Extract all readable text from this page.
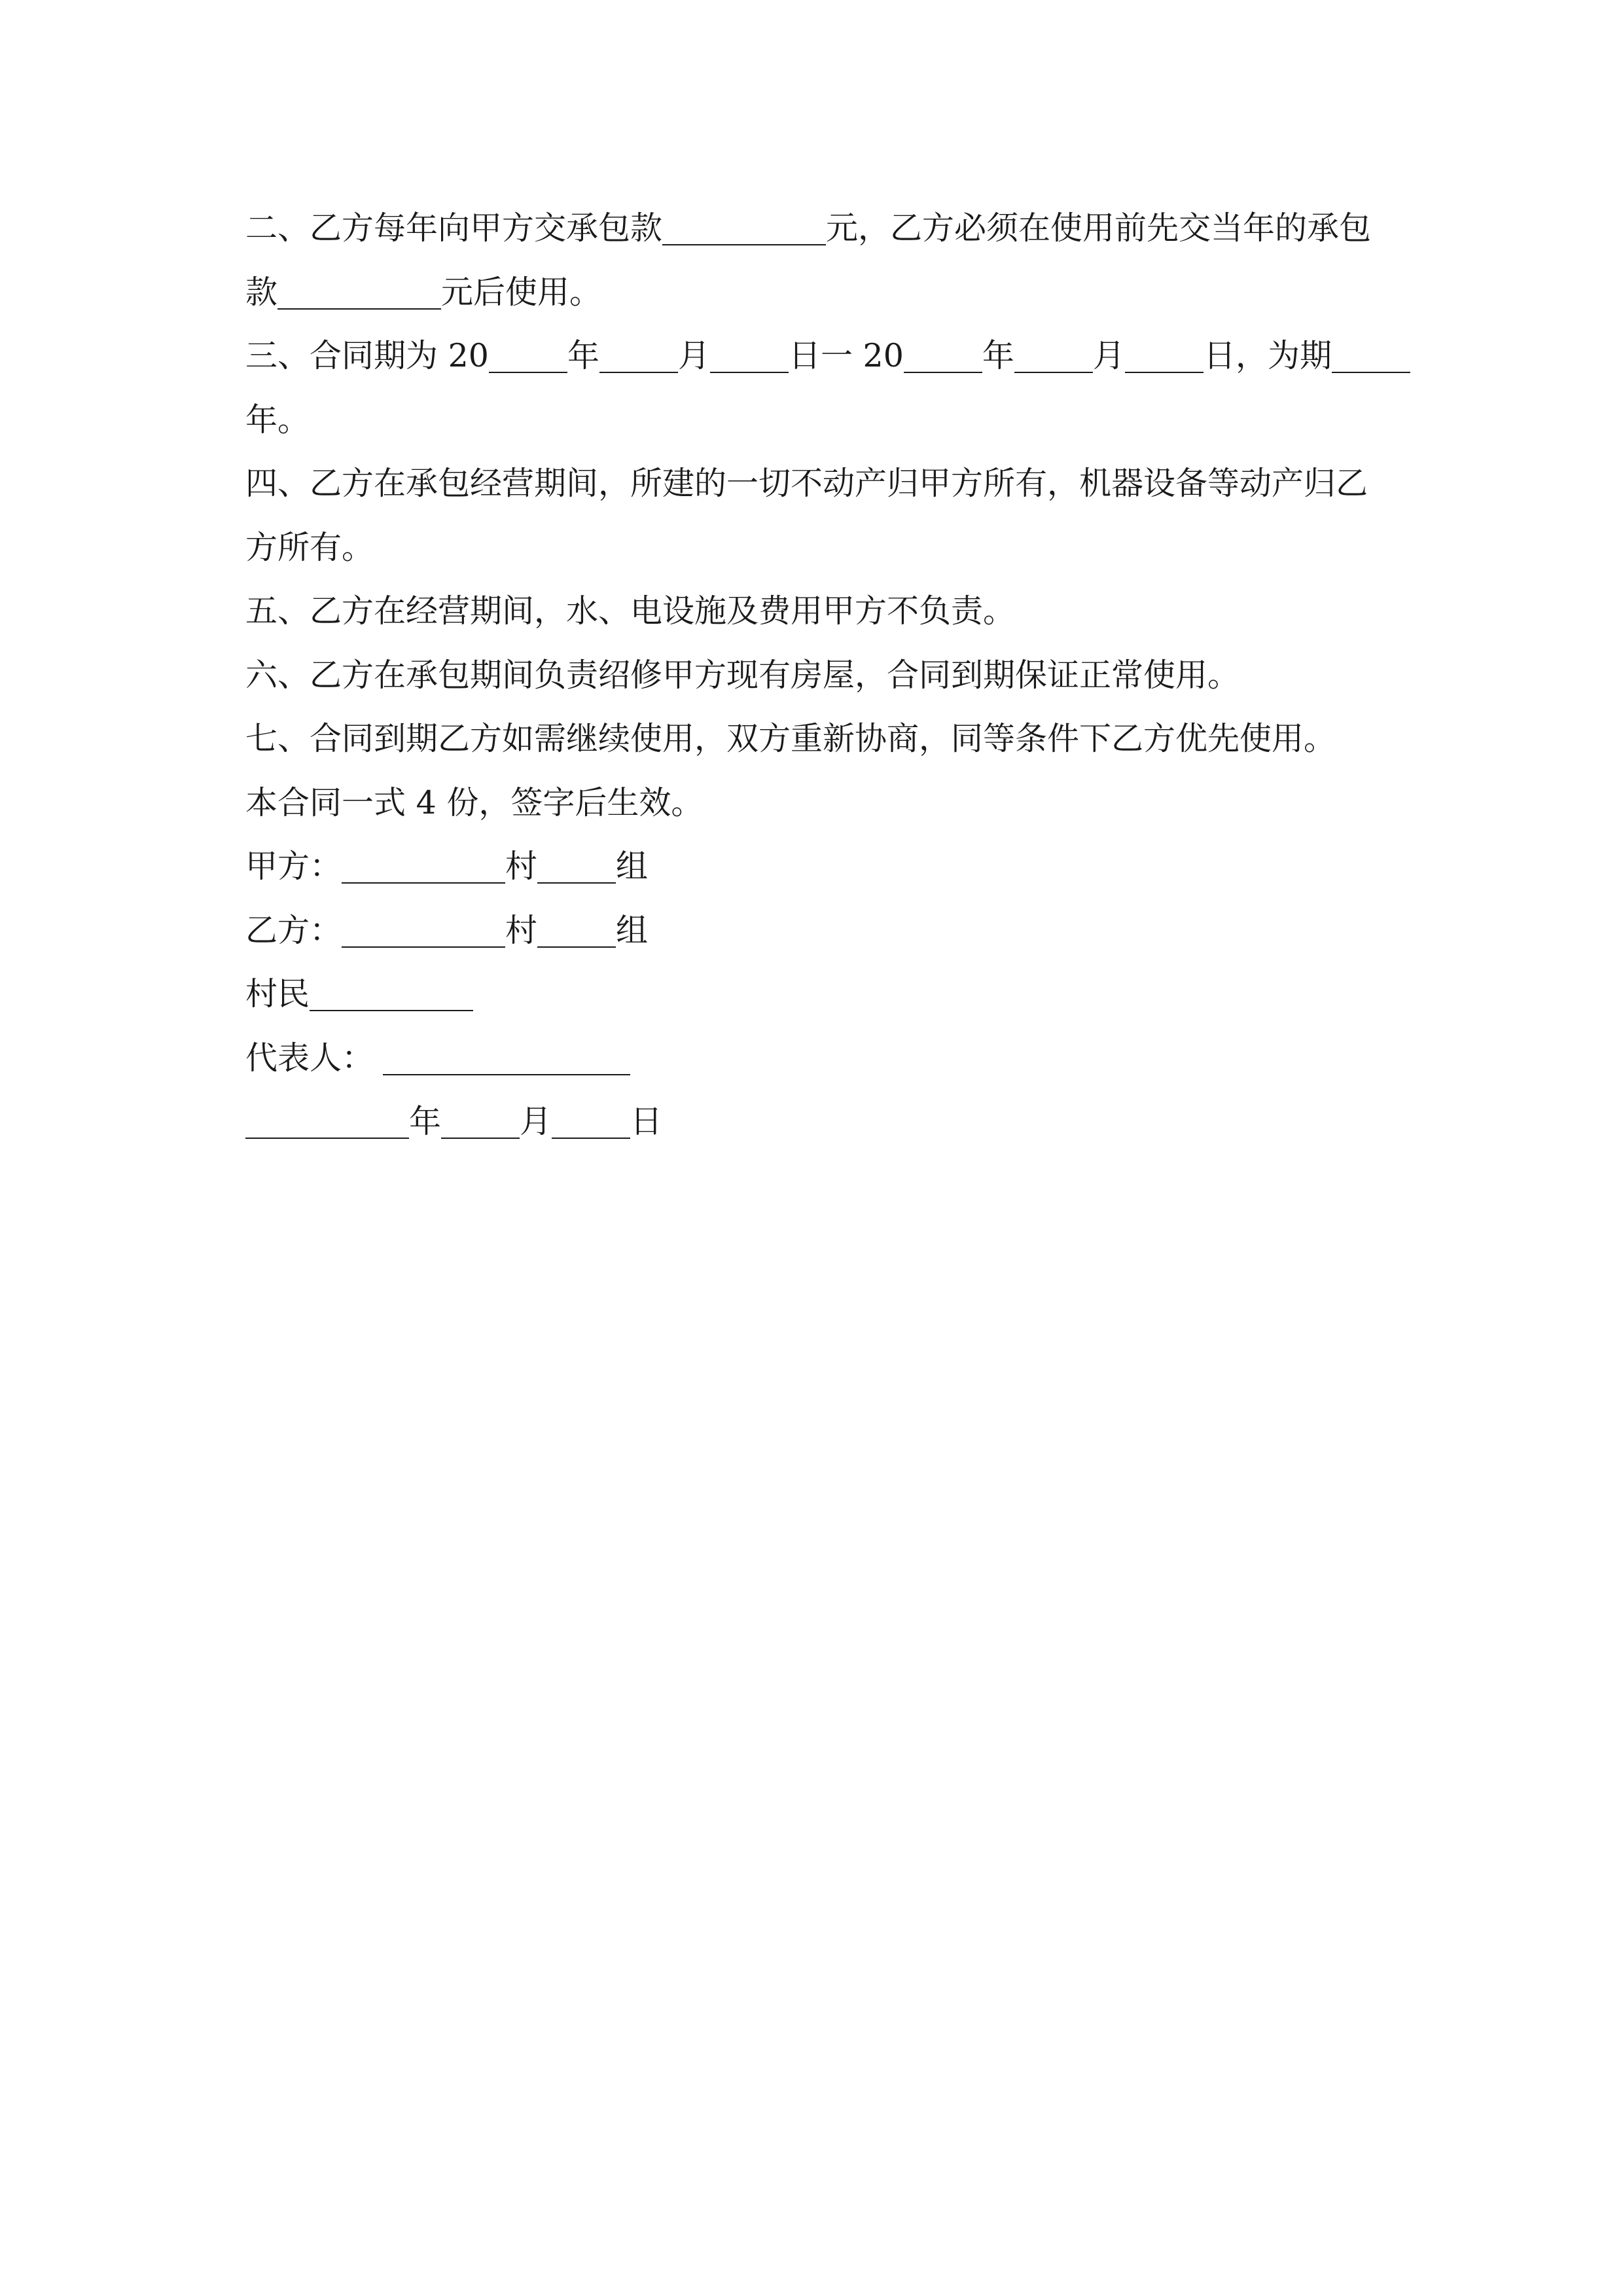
二、乙方每年向甲方交承包款	元，乙方必须在使用前先交当年的承包
款	元后使用。
三、合同期为 20 年 月 日一 20 年 月 日，为期
年。
四、乙方在承包经营期间，所建的一切不动产归甲方所有，机器设备等动产归乙
方所有。
五、乙方在经营期间，水、电设施及费用甲方不负责。
六、乙方在承包期间负责绍修甲方现有房屋，合同到期保证正常使用。
七、合同到期乙方如需继续使用，双方重新协商，同等条件下乙方优先使用。
本合同一式 4 份，签字后生效。
甲方：	村 组
乙方：	村 组
村民
代表人：
年 月 日
